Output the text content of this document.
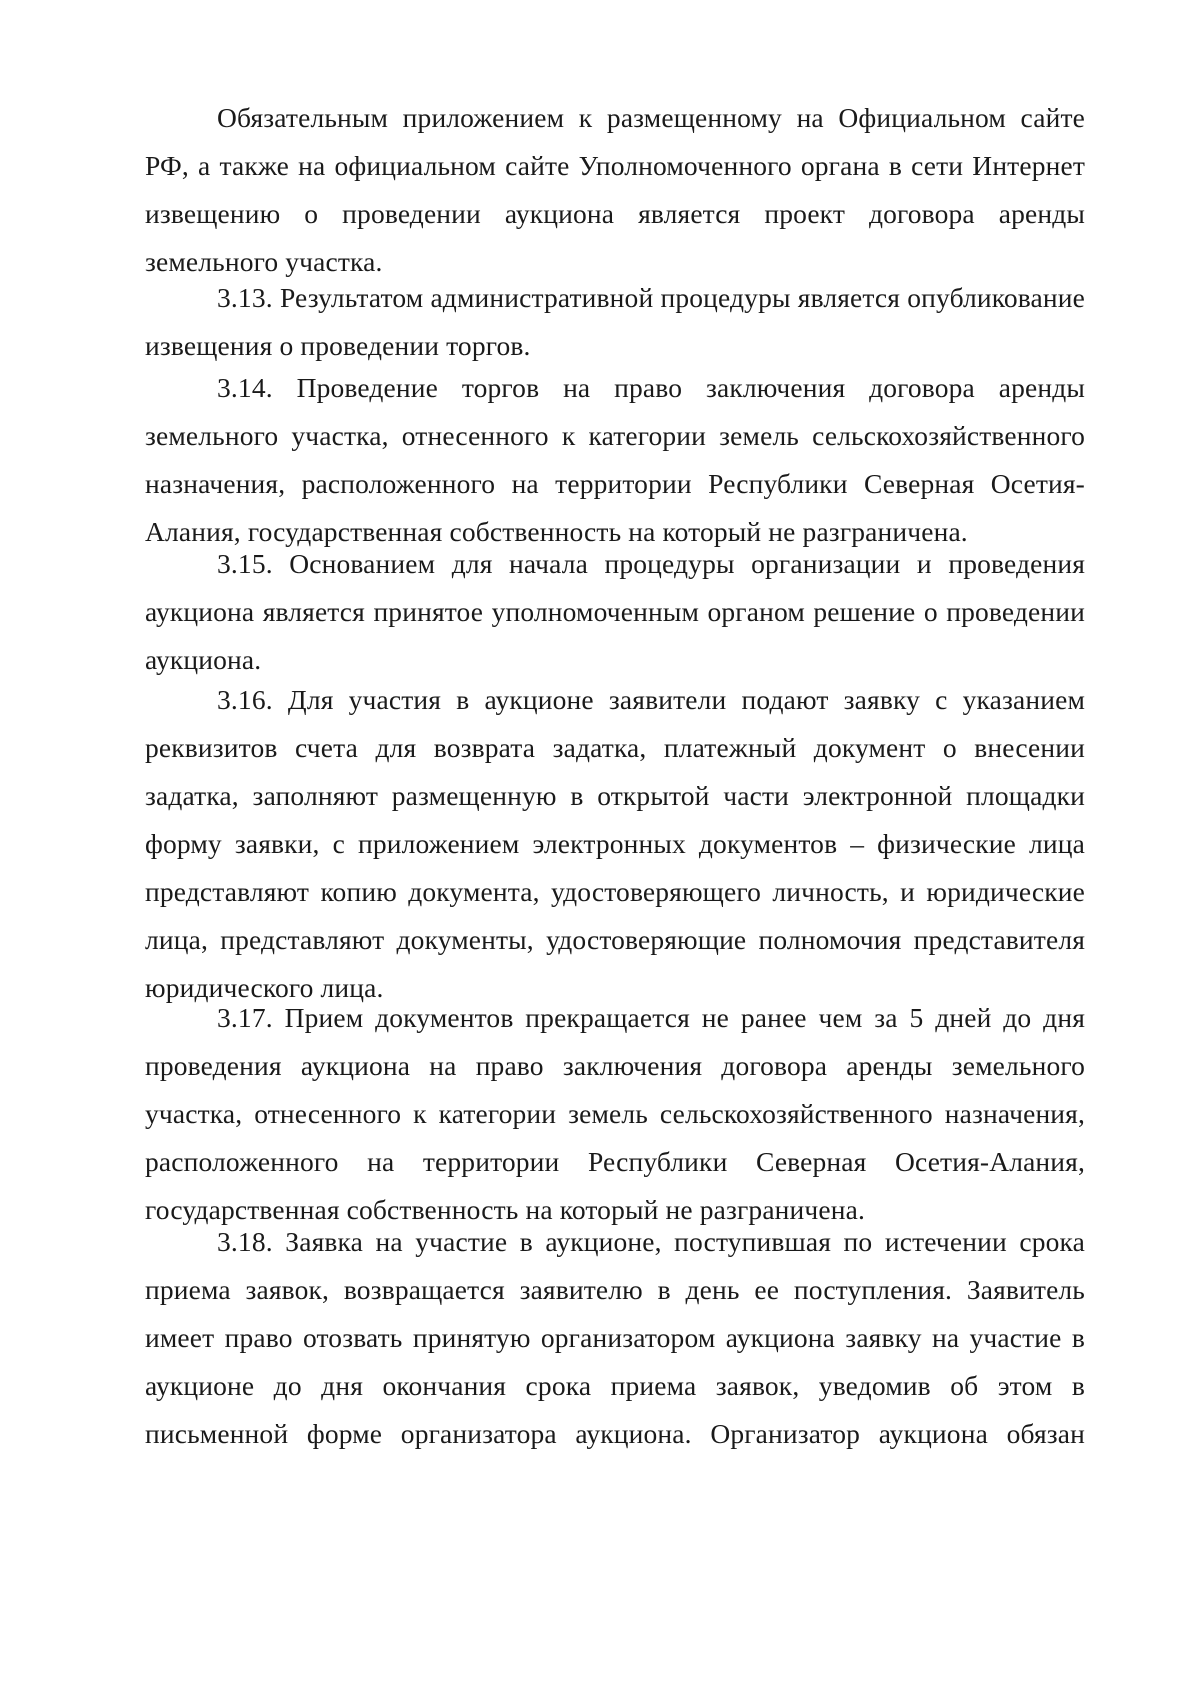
Обязательным приложением к размещенному на Официальном сайте РФ, а также на официальном сайте Уполномоченного органа в сети Интернет извещению о проведении аукциона является проект договора аренды земельного участка.

3.13. Результатом административной процедуры является опубликование извещения о проведении торгов.

3.14. Проведение торгов на право заключения договора аренды земельного участка, отнесенного к категории земель сельскохозяйственного назначения, расположенного на территории Республики Северная Осетия-Алания, государственная собственность на который не разграничена.

3.15. Основанием для начала процедуры организации и проведения аукциона является принятое уполномоченным органом решение о проведении аукциона.

3.16. Для участия в аукционе заявители подают заявку с указанием реквизитов счета для возврата задатка, платежный документ о внесении задатка, заполняют размещенную в открытой части электронной площадки форму заявки, с приложением электронных документов – физические лица представляют копию документа, удостоверяющего личность, и юридические лица, представляют документы, удостоверяющие полномочия представителя юридического лица.

3.17. Прием документов прекращается не ранее чем за 5 дней до дня проведения аукциона на право заключения договора аренды земельного участка, отнесенного к категории земель сельскохозяйственного назначения, расположенного на территории Республики Северная Осетия-Алания, государственная собственность на который не разграничена.

3.18. Заявка на участие в аукционе, поступившая по истечении срока приема заявок, возвращается заявителю в день ее поступления. Заявитель имеет право отозвать принятую организатором аукциона заявку на участие в аукционе до дня окончания срока приема заявок, уведомив об этом в письменной форме организатора аукциона. Организатор аукциона обязан
